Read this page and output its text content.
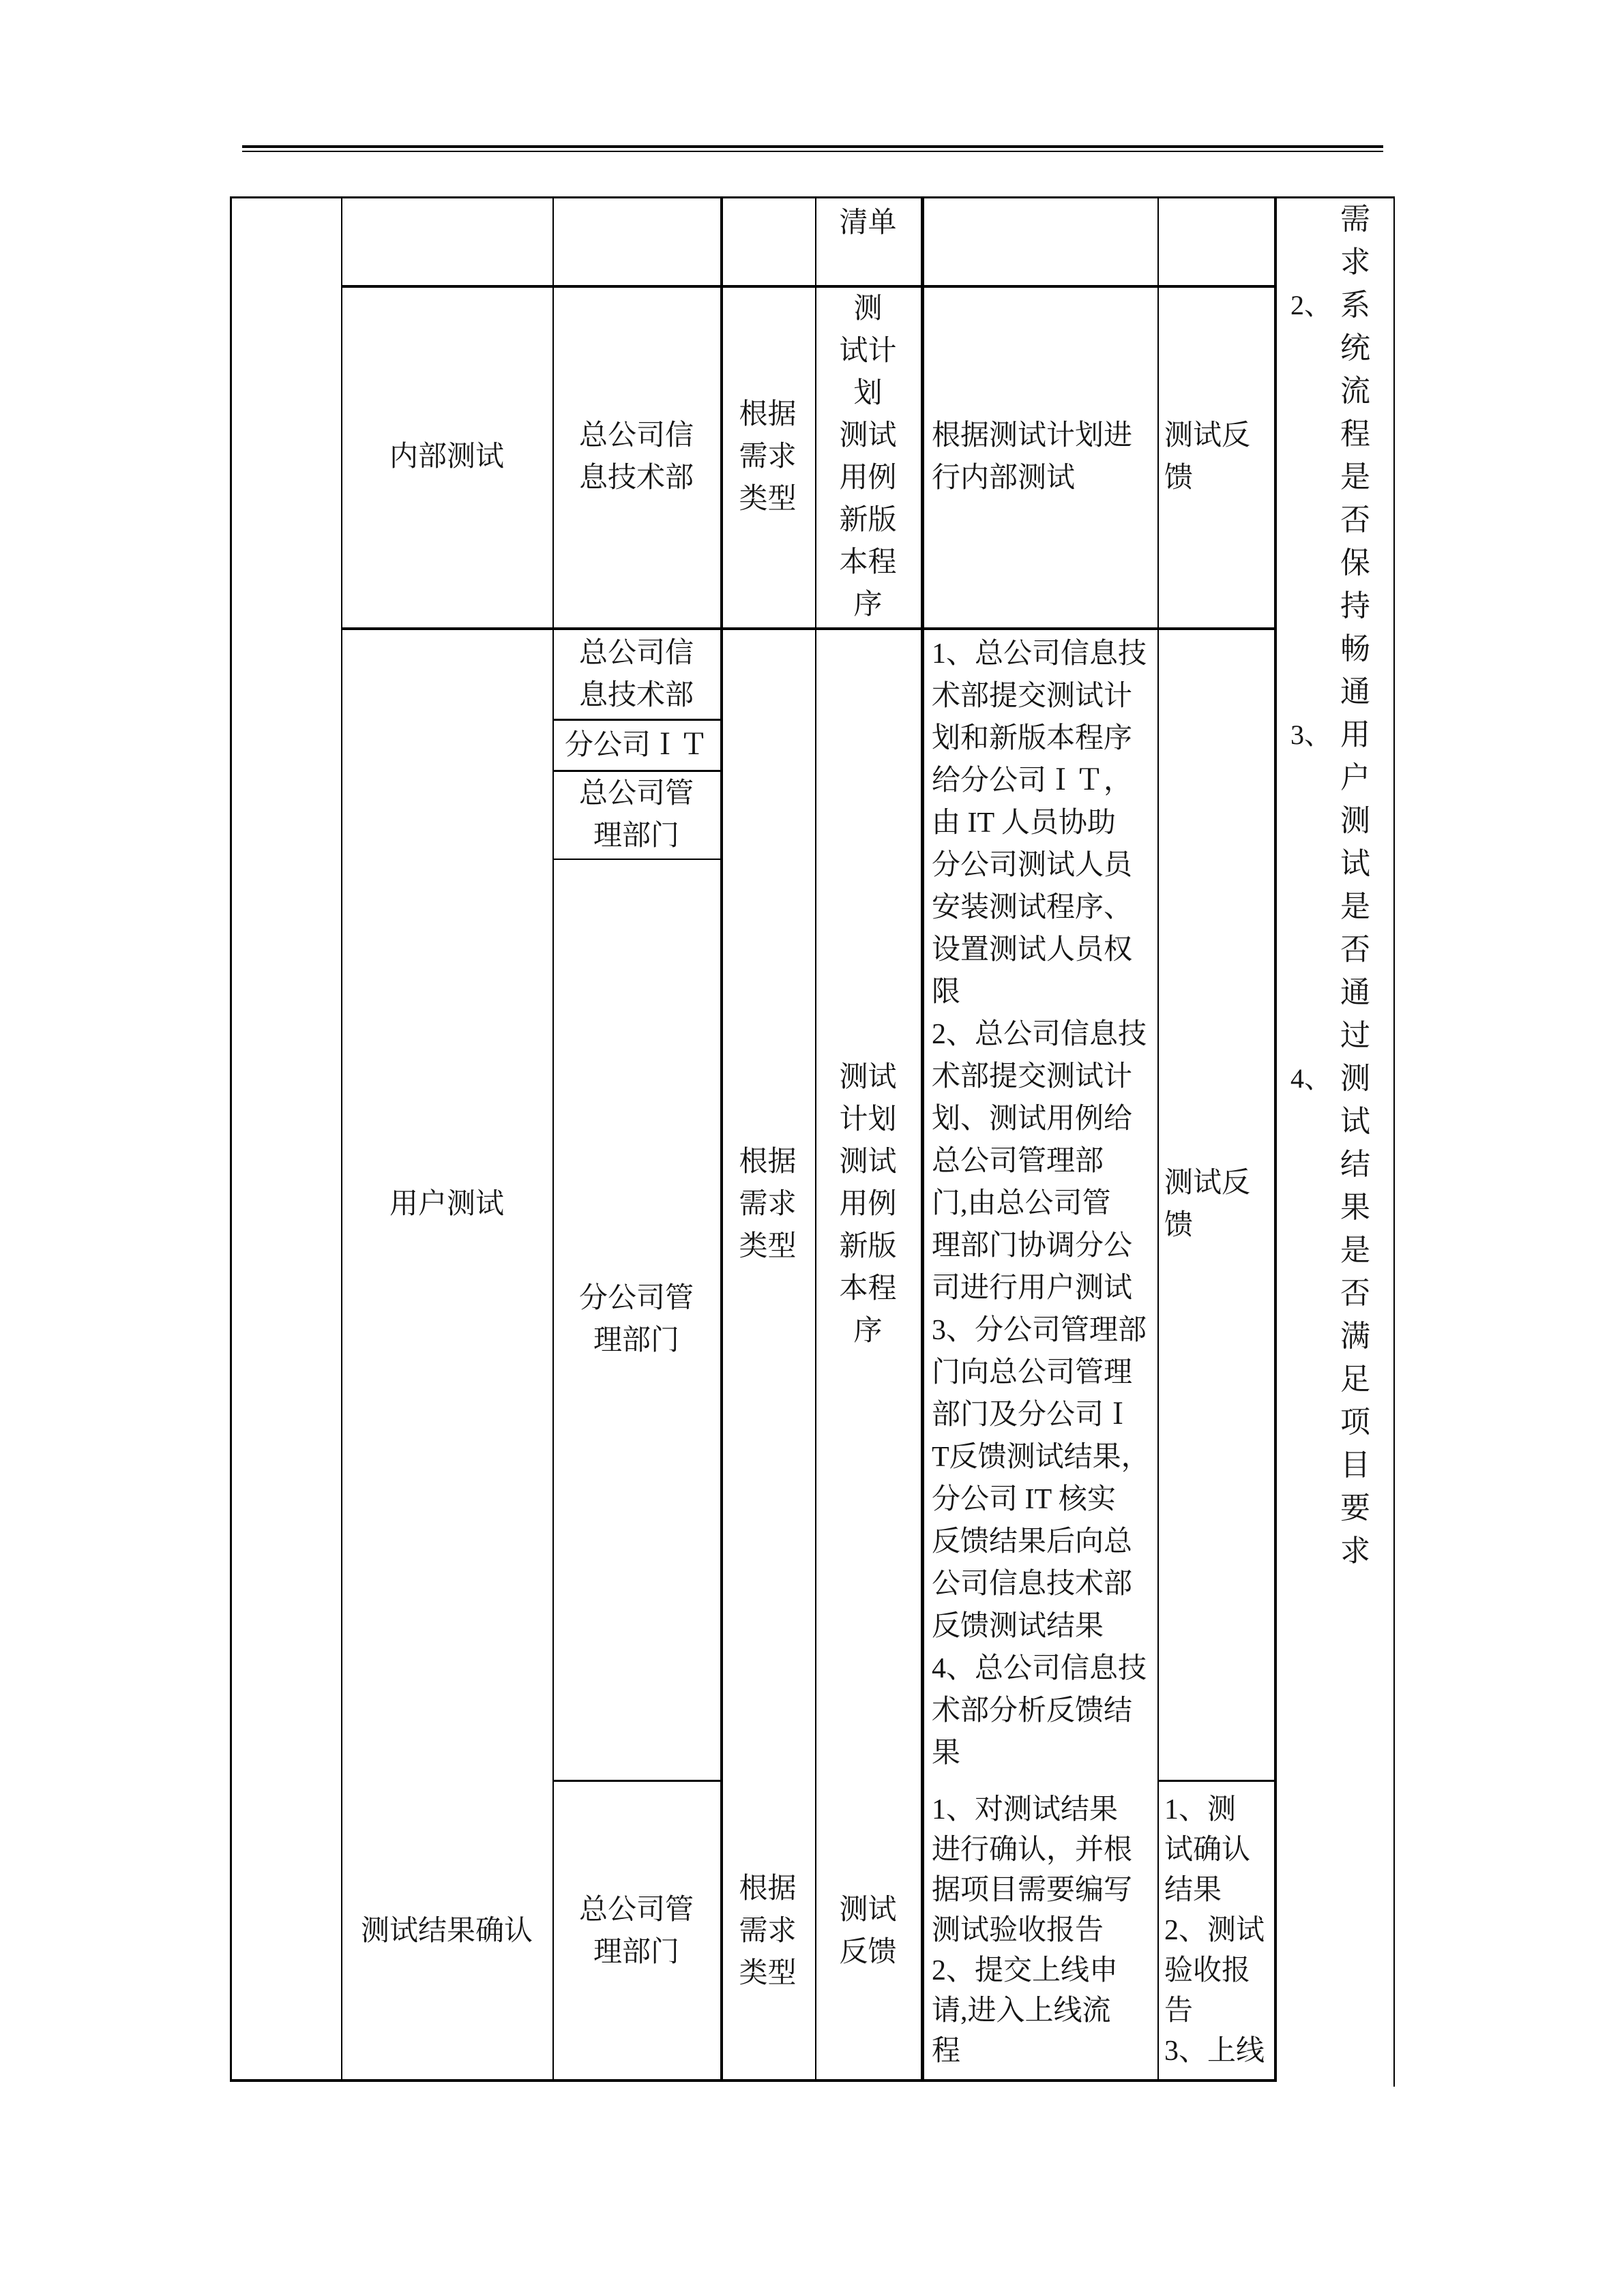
清单
内部测试
总公司信
息技术部
根据
需求
类型
测
试计
划
测试
用例
新版
本程
序
根据测试计划进
行内部测试
测试反
馈
用户测试
总公司信
息技术部
分公司ＩＴ
总公司管
理部门
分公司管
理部门
根据
需求
类型
测试
计划
测试
用例
新版
本程
序
1、总公司信息技
术部提交测试计
划和新版本程序
给分公司ＩＴ，
由 IT 人员协助
分公司测试人员
安装测试程序、
设置测试人员权
限
2、总公司信息技
术部提交测试计
划、测试用例给
总公司管理部
门,由总公司管
理部门协调分公
司进行用户测试
3、分公司管理部
门向总公司管理
部门及分公司Ｉ
T反馈测试结果，
分公司 IT 核实
反馈结果后向总
公司信息技术部
反馈测试结果
4、总公司信息技
术部分析反馈结
果
测试反
馈
测试结果确认
总公司管
理部门
根据
需求
类型
测试
反馈
1、对测试结果
进行确认，并根
据项目需要编写
测试验收报告
2、提交上线申
请,进入上线流
程
1、测
试确认
结果
2、测试
验收报
告
3、上线
需
求
2、 系
统
流
程
是
否
保
持
畅
通
3、 用
户
测
试
是
否
通
过
4、 测
试
结
果
是
否
满
足
项
目
要
求
